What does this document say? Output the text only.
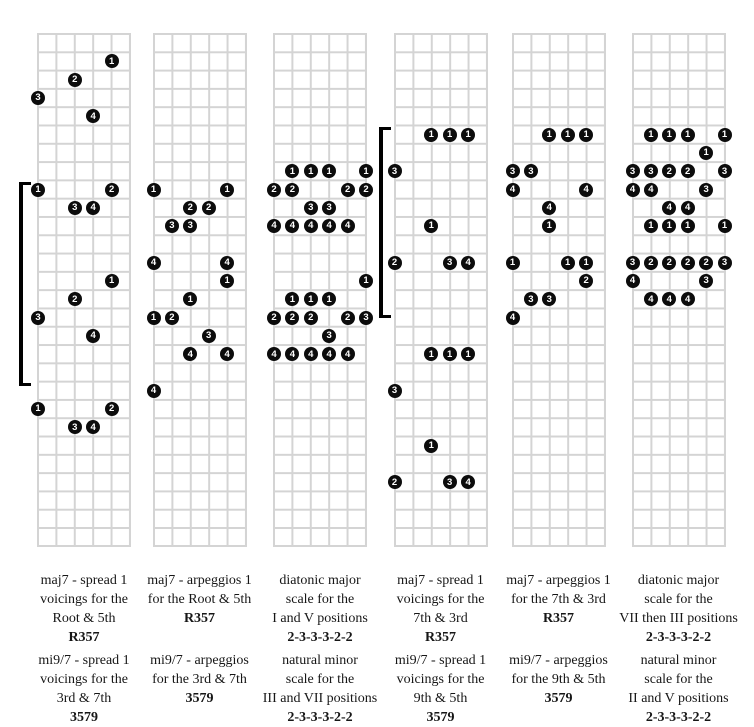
1
2
3
4
1	2
3	4
1
2
3
4
1	2
3	4
maj7 - spread 1
voicings for the
Root & 5th
R357
mi9/7 - spread 1
voicings for the
3rd & 7th
3579
1	1
2	2
3	3
4	4
1
1
1	2
3
4	4
4
maj7 - arpeggios 1
for the Root & 5th
R357
mi9/7 - arpeggios
for the 3rd & 7th
3579
1	1	1	1
2	2	2	2
3	3
4	4	4	4	4
1
1	1	1
2	2	2	2	3
3
4	4	4	4	4
diatonic major
scale for the
I and V positions
2-3-3-3-2-2
natural minor
scale for the
III and VII positions
2-3-3-3-2-2
1	1	1
3
1
2	3	4
1	1	1
3
1
2	3	4
maj7 - spread 1
voicings for the
7th & 3rd
R357
mi9/7 - spread 1
voicings for the
9th & 5th
3579
1	1	1
3	3
4	4
4
1
1	1	1
2
3	3
4
maj7 - arpeggios 1
for the 7th & 3rd
R357
mi9/7 - arpeggios
for the 9th & 5th
3579
1	1	1	1
1
3	3	2	2	3
4	4	3
4	4
1	1	1	1
3	2	2	2	2	3
4	3
4	4	4
diatonic major
scale for the
VII then III positions
2-3-3-3-2-2
natural minor
scale for the
II and V positions
2-3-3-3-2-2
